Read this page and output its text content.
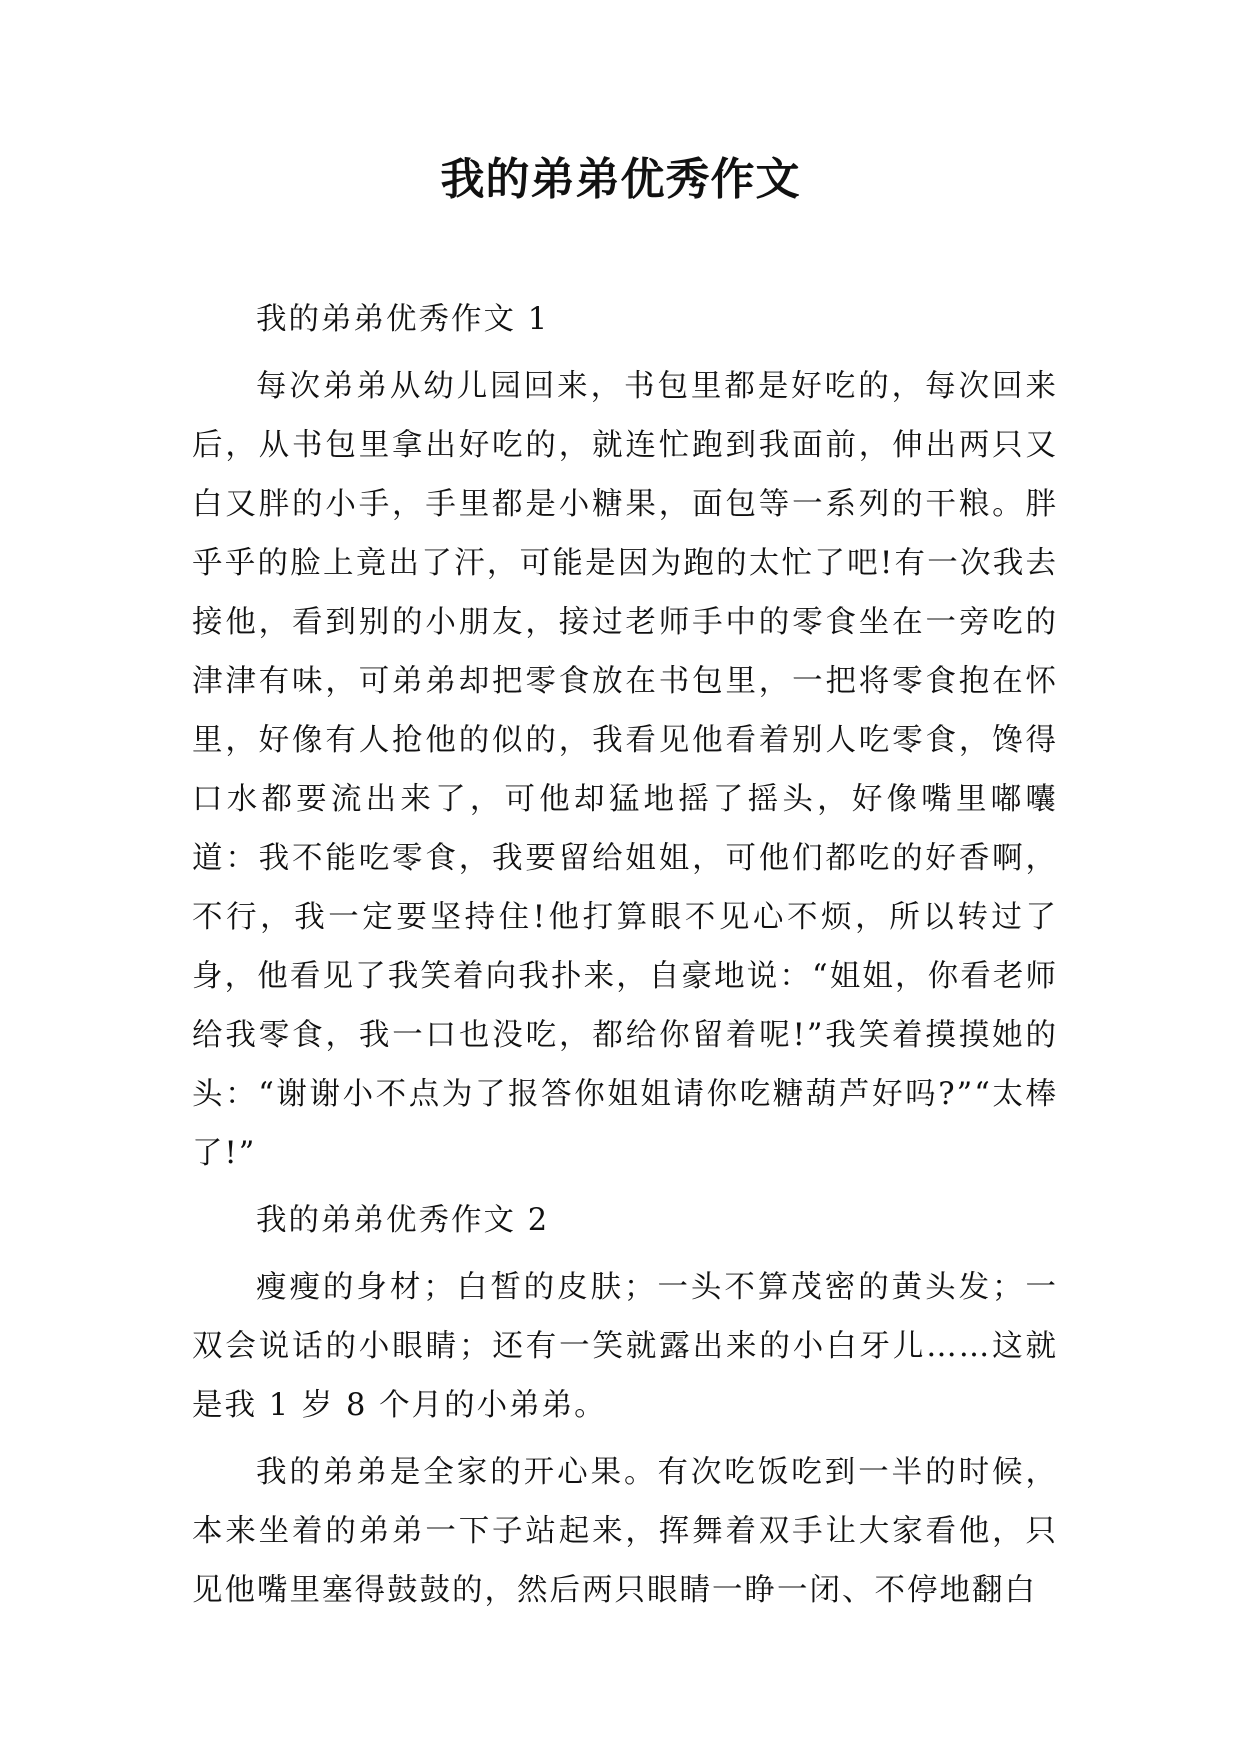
我的弟弟优秀作文

我的弟弟优秀作文 1

每次弟弟从幼儿园回来，书包里都是好吃的，每次回来后，从书包里拿出好吃的，就连忙跑到我面前，伸出两只又白又胖的小手，手里都是小糖果，面包等一系列的干粮。胖乎乎的脸上竟出了汗，可能是因为跑的太忙了吧!有一次我去接他，看到别的小朋友，接过老师手中的零食坐在一旁吃的津津有味，可弟弟却把零食放在书包里，一把将零食抱在怀里，好像有人抢他的似的，我看见他看着别人吃零食，馋得口水都要流出来了，可他却猛地摇了摇头，好像嘴里嘟囔道：我不能吃零食，我要留给姐姐，可他们都吃的好香啊，不行，我一定要坚持住!他打算眼不见心不烦，所以转过了身，他看见了我笑着向我扑来，自豪地说：“姐姐，你看老师给我零食，我一口也没吃，都给你留着呢!”我笑着摸摸她的头：“谢谢小不点为了报答你姐姐请你吃糖葫芦好吗?”“太棒了!”

我的弟弟优秀作文 2

瘦瘦的身材；白皙的皮肤；一头不算茂密的黄头发；一双会说话的小眼睛；还有一笑就露出来的小白牙儿……这就是我 1 岁 8 个月的小弟弟。

我的弟弟是全家的开心果。有次吃饭吃到一半的时候，本来坐着的弟弟一下子站起来，挥舞着双手让大家看他，只见他嘴里塞得鼓鼓的，然后两只眼睛一睁一闭、不停地翻白
